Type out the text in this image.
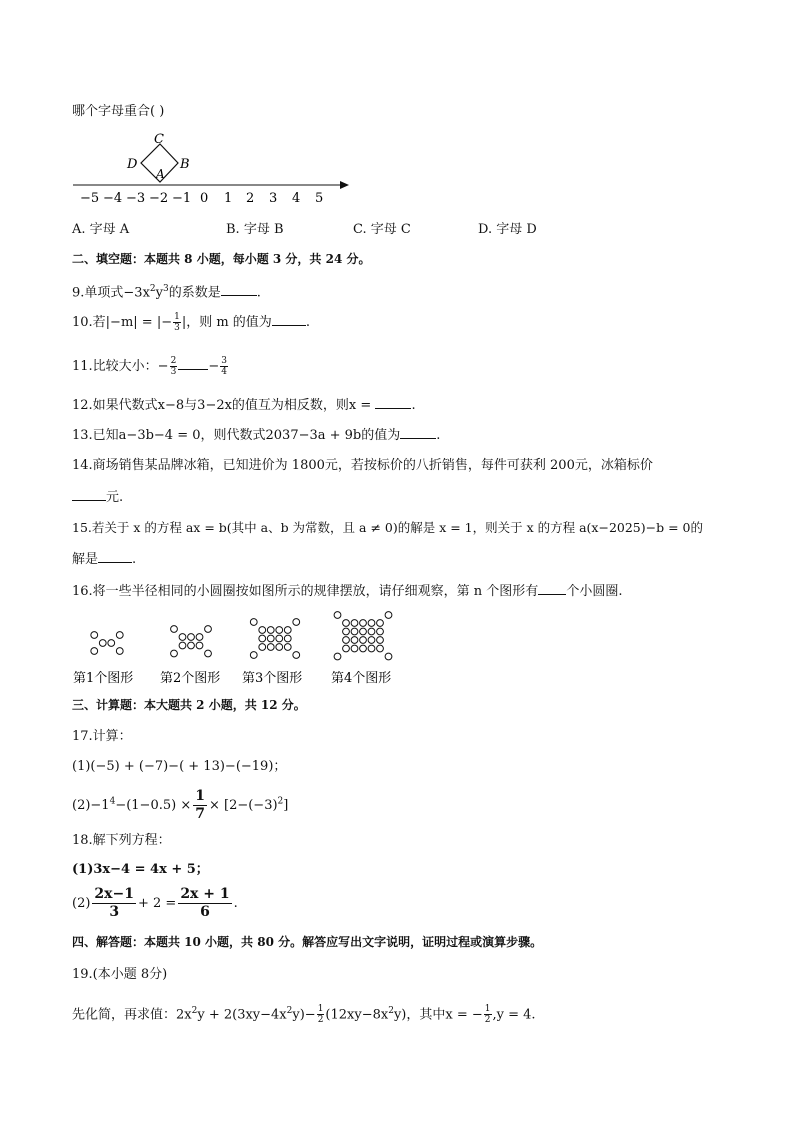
哪个字母重合( )
C
D	B
A
−5 −4 −3 −2 −1 0 1 2 3 4 5
A. 字母 A	B. 字母 B	C. 字母 C	D. 字母 D
二、填空题：本题共 8 小题，每小题 3 分，共 24 分。
9.单项式$-3x^2y^3$的系数是	.
10.若|−m| = |− $\frac{1}{3}$ |，则 m 的值为	.
11.比较大小：− $\frac{2}{3} - \frac{3}{4}$
12.如果代数式x−8与3−2x的值互为相反数，则x =	.
13.已知a−3b−4 = 0，则代数式2037−3a + 9b的值为	.
14.商场销售某品牌冰箱，已知进价为 1800元，若按标价的八折销售，每件可获利 200元，冰箱标价
元.
15.若关于 x 的方程 ax = b(其中 a、b 为常数，且 a ≠ 0)的解是 x = 1，则关于 x 的方程 a(x−2025)−b = 0的
解是	.
16.将一些半径相同的小圆圈按如图所示的规律摆放，请仔细观察，第 n 个图形有 个小圆圈.
第1个图形 第2个图形 第3个图形 第4个图形
三、计算题：本大题共 2 小题，共 12 分。
17.计算：
(1)(−5) + (−7)−( + 13)−(−19)；
$(2)-1^4-(1-0.5) \times \frac{1}{7} \times [2-(-3)^2]$
18.解下列方程：
(1)3x−4 = 4x + 5；
$(2) \frac{2x-1}{3} + 2 = \frac{2x + 1}{6}$ .
四、解答题：本题共 10 小题，共 80 分。解答应写出文字说明，证明过程或演算步骤。
19.(本小题 8分)
先化简，再求值：$2x^2y + 2(3xy-4x^2y)- \frac{1}{2} (12xy-8x^2y)$，其中x = − $\frac{1}{2} ,y = 4$.
